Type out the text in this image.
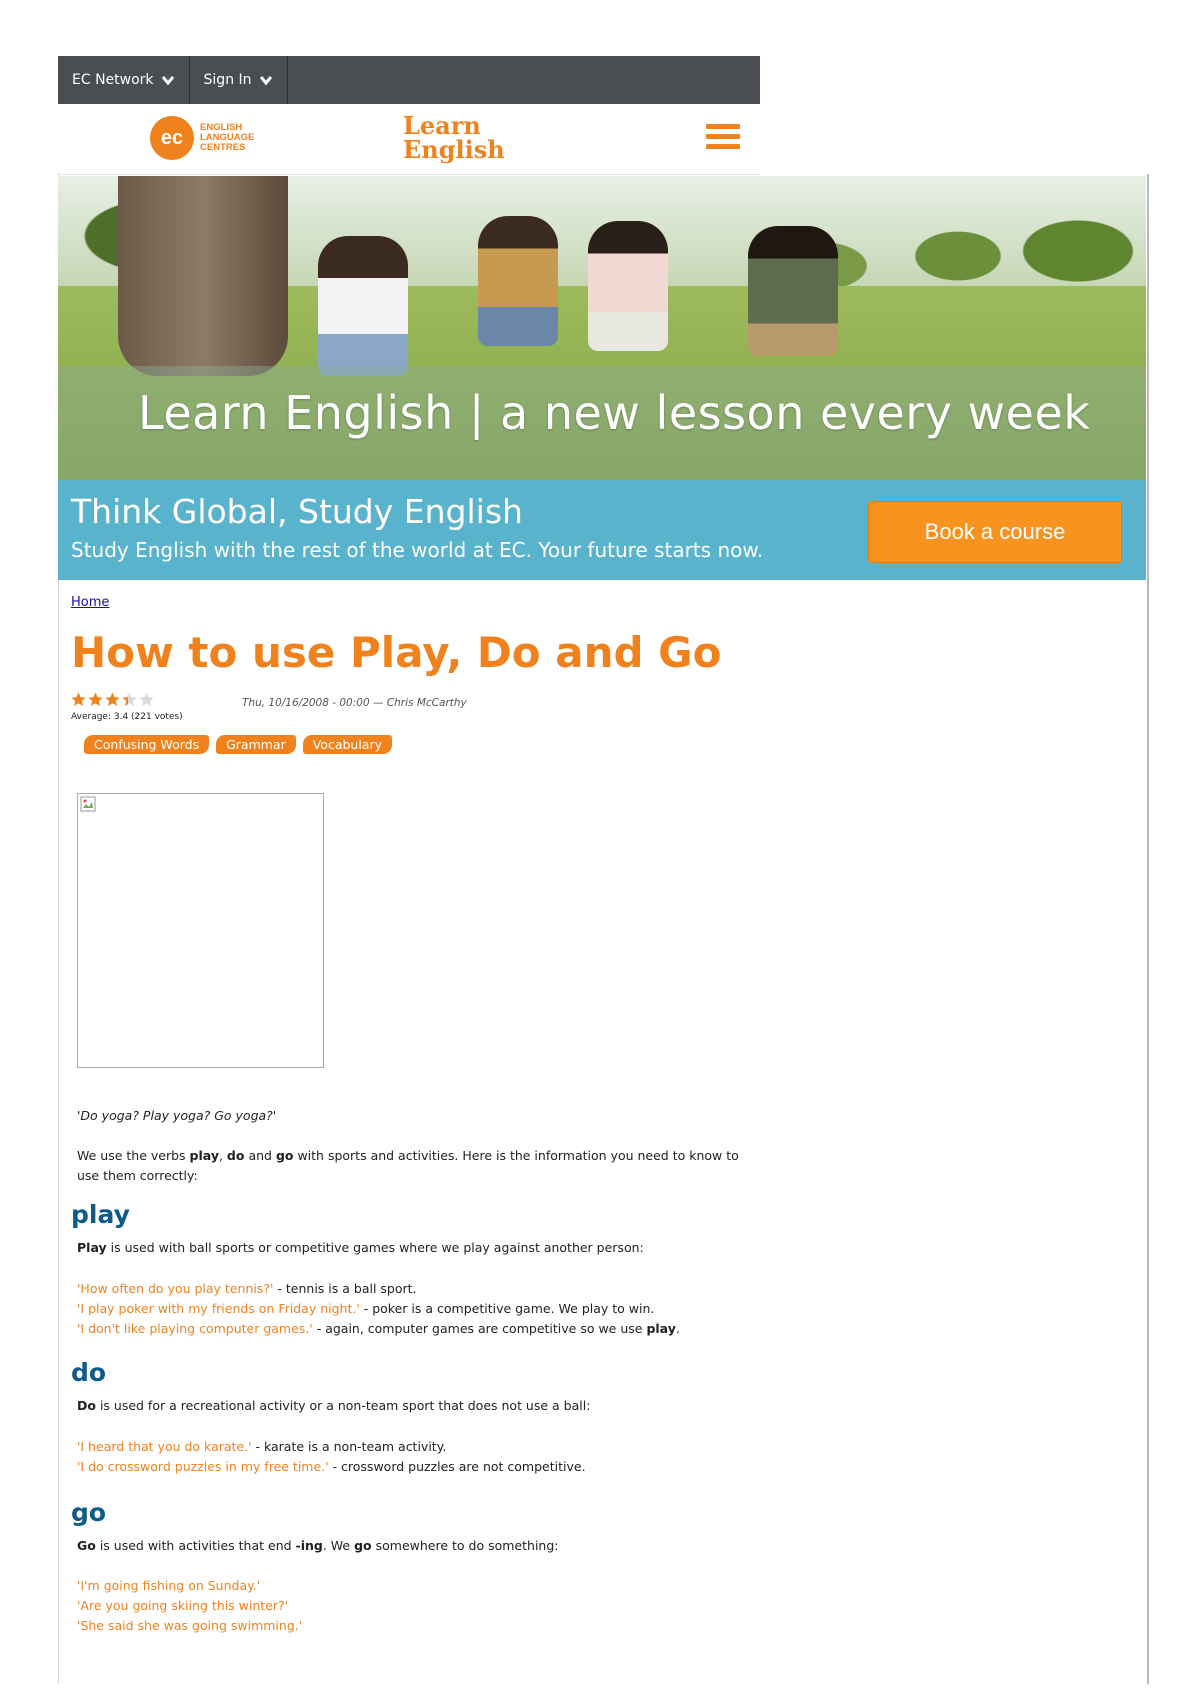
EC Network	Sign In
ec	ENGLISH
LANGUAGE
CENTRES
Learn
English
Learn English | a new lesson every week
Think Global, Study English
Study English with the rest of the world at EC. Your future starts now.
Book a course
Home
How to use Play, Do and Go
Average: 3.4 (221 votes)
Thu, 10/16/2008 - 00:00 — Chris McCarthy
Confusing Words	Grammar	Vocabulary
'Do yoga? Play yoga? Go yoga?'
We use the verbs play, do and go with sports and activities. Here is the information you need to know to use them correctly:
play
Play is used with ball sports or competitive games where we play against another person:
'How often do you play tennis?' - tennis is a ball sport.
'I play poker with my friends on Friday night.' - poker is a competitive game. We play to win.
'I don't like playing computer games.' - again, computer games are competitive so we use play.
do
Do is used for a recreational activity or a non-team sport that does not use a ball:
'I heard that you do karate.' - karate is a non-team activity.
'I do crossword puzzles in my free time.' - crossword puzzles are not competitive.
go
Go is used with activities that end -ing. We go somewhere to do something:
'I'm going fishing on Sunday.'
'Are you going skiing this winter?'
'She said she was going swimming.'
